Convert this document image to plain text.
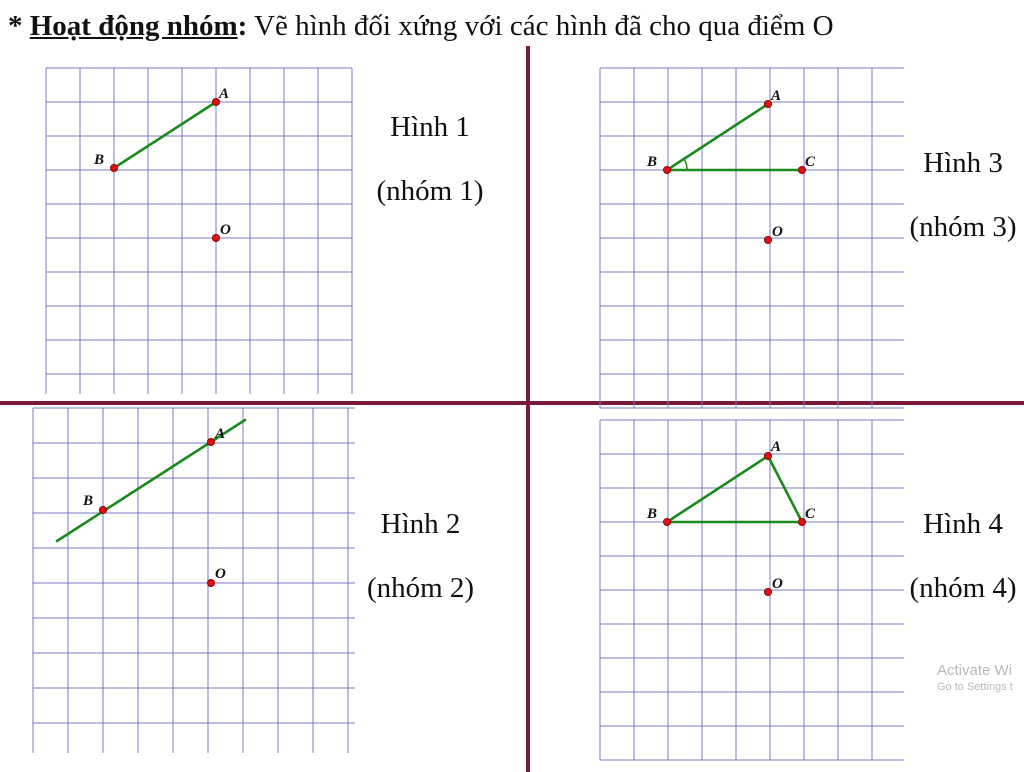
* Hoạt động nhóm: Vẽ hình đối xứng với các hình đã cho qua điểm O
A
B
O
Hình 1
(nhóm 1)
A
B
O
Hình 2
(nhóm 2)
A
B	C
O
Hình 3
(nhóm 3)
A
B	C
O
Hình 4
(nhóm 4)
Activate Wi
Go to Settings t
